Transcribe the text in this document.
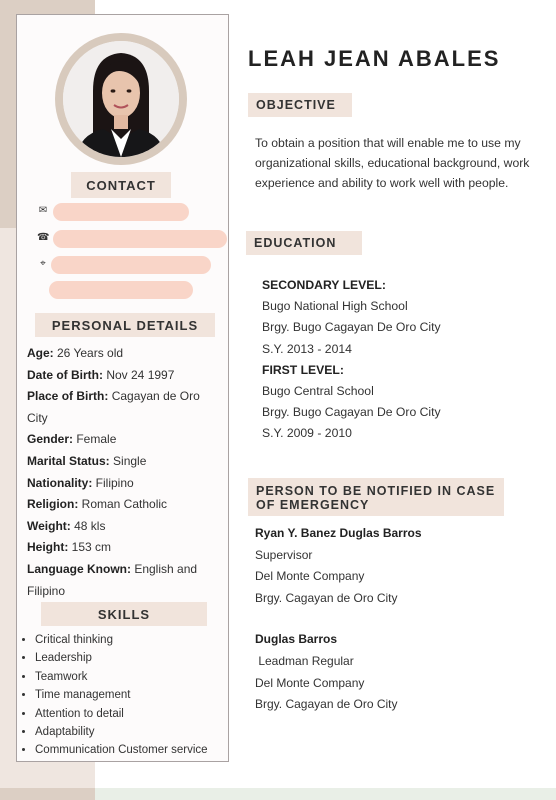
CONTACT
✉
☎
⌖
PERSONAL DETAILS
Age: 26 Years old
Date of Birth: Nov 24 1997
Place of Birth: Cagayan de Oro City
Gender: Female
Marital Status: Single
Nationality: Filipino
Religion: Roman Catholic
Weight: 48 kls
Height: 153 cm
Language Known: English and Filipino
SKILLS
• Critical thinking
• Leadership
• Teamwork
• Time management
• Attention to detail
• Adaptability
• Communication Customer service
LEAH JEAN ABALES
OBJECTIVE
To obtain a position that will enable me to use my organizational skills, educational background, work experience and ability to work well with people.
EDUCATION
SECONDARY LEVEL:
Bugo National High School
Brgy. Bugo Cagayan De Oro City
S.Y. 2013 - 2014
FIRST LEVEL:
Bugo Central School
Brgy. Bugo Cagayan De Oro City
S.Y. 2009 - 2010
PERSON TO BE NOTIFIED IN CASE OF EMERGENCY
Ryan Y. Banez Duglas Barros
Supervisor
Del Monte Company
Brgy. Cagayan de Oro City
Duglas Barros
Leadman Regular
Del Monte Company
Brgy. Cagayan de Oro City
